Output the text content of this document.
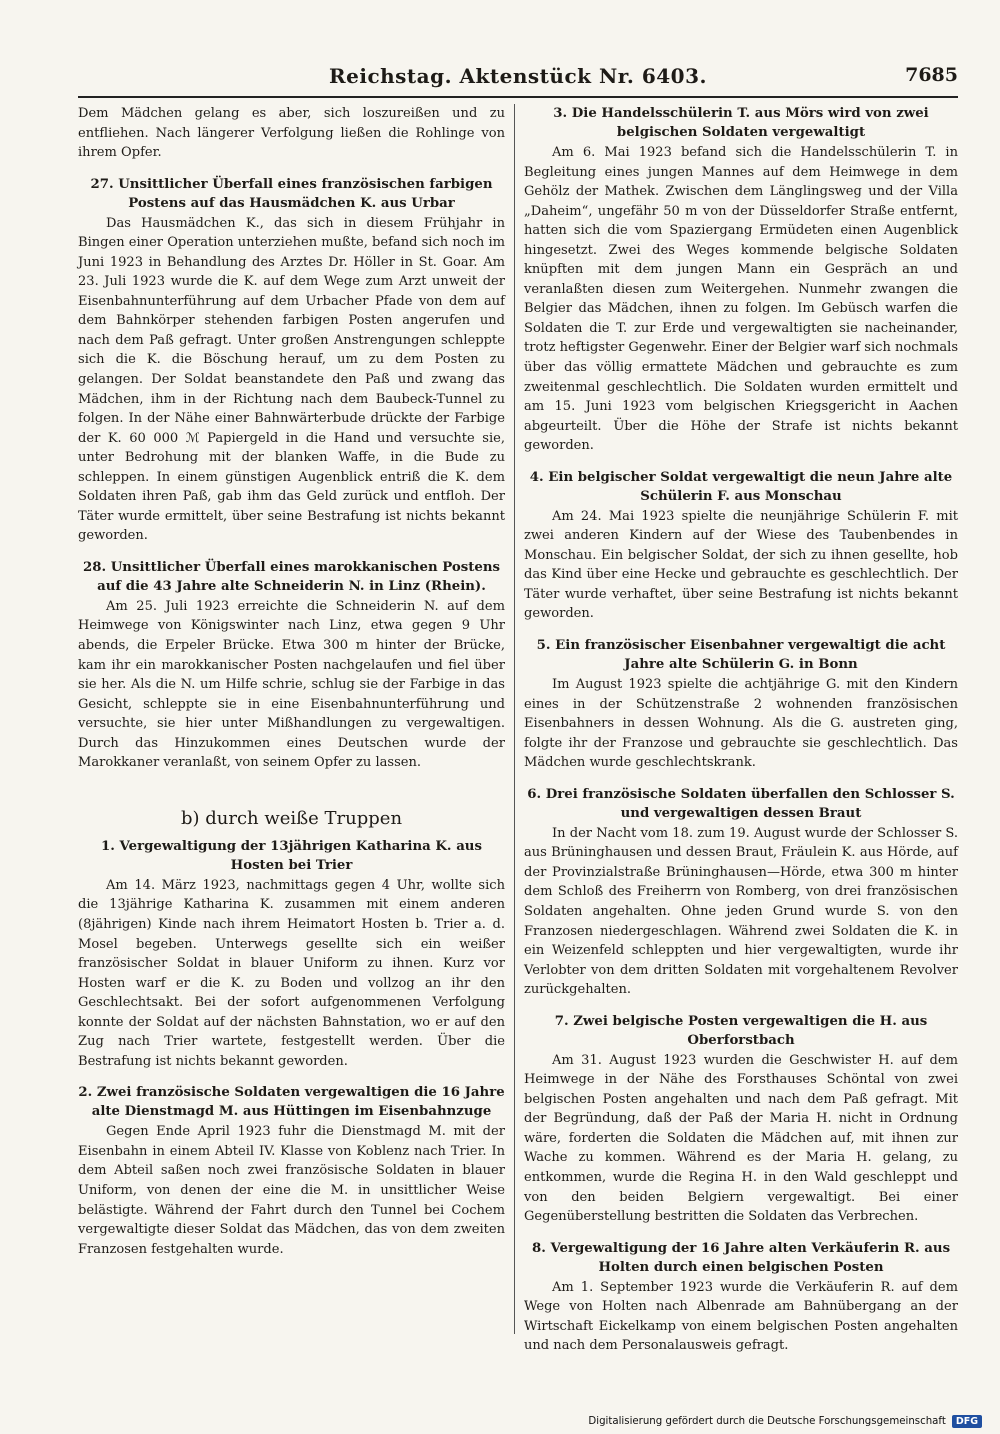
Reichstag. Aktenstück Nr. 6403.	7685

Dem Mädchen gelang es aber, sich loszureißen und zu entfliehen. Nach längerer Verfolgung ließen die Rohlinge von ihrem Opfer.

27. Unsittlicher Überfall eines französischen farbigen Postens auf das Hausmädchen K. aus Urbar

Das Hausmädchen K., das sich in diesem Frühjahr in Bingen einer Operation unterziehen mußte, befand sich noch im Juni 1923 in Behandlung des Arztes Dr. Höller in St. Goar. Am 23. Juli 1923 wurde die K. auf dem Wege zum Arzt unweit der Eisenbahnunterführung auf dem Urbacher Pfade von dem auf dem Bahnkörper stehenden farbigen Posten angerufen und nach dem Paß gefragt. Unter großen Anstrengungen schleppte sich die K. die Böschung herauf, um zu dem Posten zu gelangen. Der Soldat beanstandete den Paß und zwang das Mädchen, ihm in der Richtung nach dem Baubeck-Tunnel zu folgen. In der Nähe einer Bahnwärterbude drückte der Farbige der K. 60 000 ℳ Papiergeld in die Hand und versuchte sie, unter Bedrohung mit der blanken Waffe, in die Bude zu schleppen. In einem günstigen Augenblick entriß die K. dem Soldaten ihren Paß, gab ihm das Geld zurück und entfloh. Der Täter wurde ermittelt, über seine Bestrafung ist nichts bekannt geworden.

28. Unsittlicher Überfall eines marokkanischen Postens auf die 43 Jahre alte Schneiderin N. in Linz (Rhein).

Am 25. Juli 1923 erreichte die Schneiderin N. auf dem Heimwege von Königswinter nach Linz, etwa gegen 9 Uhr abends, die Erpeler Brücke. Etwa 300 m hinter der Brücke, kam ihr ein marokkanischer Posten nachgelaufen und fiel über sie her. Als die N. um Hilfe schrie, schlug sie der Farbige in das Gesicht, schleppte sie in eine Eisenbahnunterführung und versuchte, sie hier unter Mißhandlungen zu vergewaltigen. Durch das Hinzukommen eines Deutschen wurde der Marokkaner veranlaßt, von seinem Opfer zu lassen.

b) durch weiße Truppen

1. Vergewaltigung der 13jährigen Katharina K. aus Hosten bei Trier

Am 14. März 1923, nachmittags gegen 4 Uhr, wollte sich die 13jährige Katharina K. zusammen mit einem anderen (8jährigen) Kinde nach ihrem Heimatort Hosten b. Trier a. d. Mosel begeben. Unterwegs gesellte sich ein weißer französischer Soldat in blauer Uniform zu ihnen. Kurz vor Hosten warf er die K. zu Boden und vollzog an ihr den Geschlechtsakt. Bei der sofort aufgenommenen Verfolgung konnte der Soldat auf der nächsten Bahnstation, wo er auf den Zug nach Trier wartete, festgestellt werden. Über die Bestrafung ist nichts bekannt geworden.

2. Zwei französische Soldaten vergewaltigen die 16 Jahre alte Dienstmagd M. aus Hüttingen im Eisenbahnzuge

Gegen Ende April 1923 fuhr die Dienstmagd M. mit der Eisenbahn in einem Abteil IV. Klasse von Koblenz nach Trier. In dem Abteil saßen noch zwei französische Soldaten in blauer Uniform, von denen der eine die M. in unsittlicher Weise belästigte. Während der Fahrt durch den Tunnel bei Cochem vergewaltigte dieser Soldat das Mädchen, das von dem zweiten Franzosen festgehalten wurde.

3. Die Handelsschülerin T. aus Mörs wird von zwei belgischen Soldaten vergewaltigt

Am 6. Mai 1923 befand sich die Handelsschülerin T. in Begleitung eines jungen Mannes auf dem Heimwege in dem Gehölz der Mathek. Zwischen dem Länglingsweg und der Villa „Daheim“, ungefähr 50 m von der Düsseldorfer Straße entfernt, hatten sich die vom Spaziergang Ermüdeten einen Augenblick hingesetzt. Zwei des Weges kommende belgische Soldaten knüpften mit dem jungen Mann ein Gespräch an und veranlaßten diesen zum Weitergehen. Nunmehr zwangen die Belgier das Mädchen, ihnen zu folgen. Im Gebüsch warfen die Soldaten die T. zur Erde und vergewaltigten sie nacheinander, trotz heftigster Gegenwehr. Einer der Belgier warf sich nochmals über das völlig ermattete Mädchen und gebrauchte es zum zweitenmal geschlechtlich. Die Soldaten wurden ermittelt und am 15. Juni 1923 vom belgischen Kriegsgericht in Aachen abgeurteilt. Über die Höhe der Strafe ist nichts bekannt geworden.

4. Ein belgischer Soldat vergewaltigt die neun Jahre alte Schülerin F. aus Monschau

Am 24. Mai 1923 spielte die neunjährige Schülerin F. mit zwei anderen Kindern auf der Wiese des Taubenbendes in Monschau. Ein belgischer Soldat, der sich zu ihnen gesellte, hob das Kind über eine Hecke und gebrauchte es geschlechtlich. Der Täter wurde verhaftet, über seine Bestrafung ist nichts bekannt geworden.

5. Ein französischer Eisenbahner vergewaltigt die acht Jahre alte Schülerin G. in Bonn

Im August 1923 spielte die achtjährige G. mit den Kindern eines in der Schützenstraße 2 wohnenden französischen Eisenbahners in dessen Wohnung. Als die G. austreten ging, folgte ihr der Franzose und gebrauchte sie geschlechtlich. Das Mädchen wurde geschlechtskrank.

6. Drei französische Soldaten überfallen den Schlosser S. und vergewaltigen dessen Braut

In der Nacht vom 18. zum 19. August wurde der Schlosser S. aus Brüninghausen und dessen Braut, Fräulein K. aus Hörde, auf der Provinzialstraße Brüninghausen—Hörde, etwa 300 m hinter dem Schloß des Freiherrn von Romberg, von drei französischen Soldaten angehalten. Ohne jeden Grund wurde S. von den Franzosen niedergeschlagen. Während zwei Soldaten die K. in ein Weizenfeld schleppten und hier vergewaltigten, wurde ihr Verlobter von dem dritten Soldaten mit vorgehaltenem Revolver zurückgehalten.

7. Zwei belgische Posten vergewaltigen die H. aus Oberforstbach

Am 31. August 1923 wurden die Geschwister H. auf dem Heimwege in der Nähe des Forsthauses Schöntal von zwei belgischen Posten angehalten und nach dem Paß gefragt. Mit der Begründung, daß der Paß der Maria H. nicht in Ordnung wäre, forderten die Soldaten die Mädchen auf, mit ihnen zur Wache zu kommen. Während es der Maria H. gelang, zu entkommen, wurde die Regina H. in den Wald geschleppt und von den beiden Belgiern vergewaltigt. Bei einer Gegenüberstellung bestritten die Soldaten das Verbrechen.

8. Vergewaltigung der 16 Jahre alten Verkäuferin R. aus Holten durch einen belgischen Posten

Am 1. September 1923 wurde die Verkäuferin R. auf dem Wege von Holten nach Albenrade am Bahnübergang an der Wirtschaft Eickelkamp von einem belgischen Posten angehalten und nach dem Personalausweis gefragt.

Digitalisierung gefördert durch die Deutsche Forschungsgemeinschaft	DFG
